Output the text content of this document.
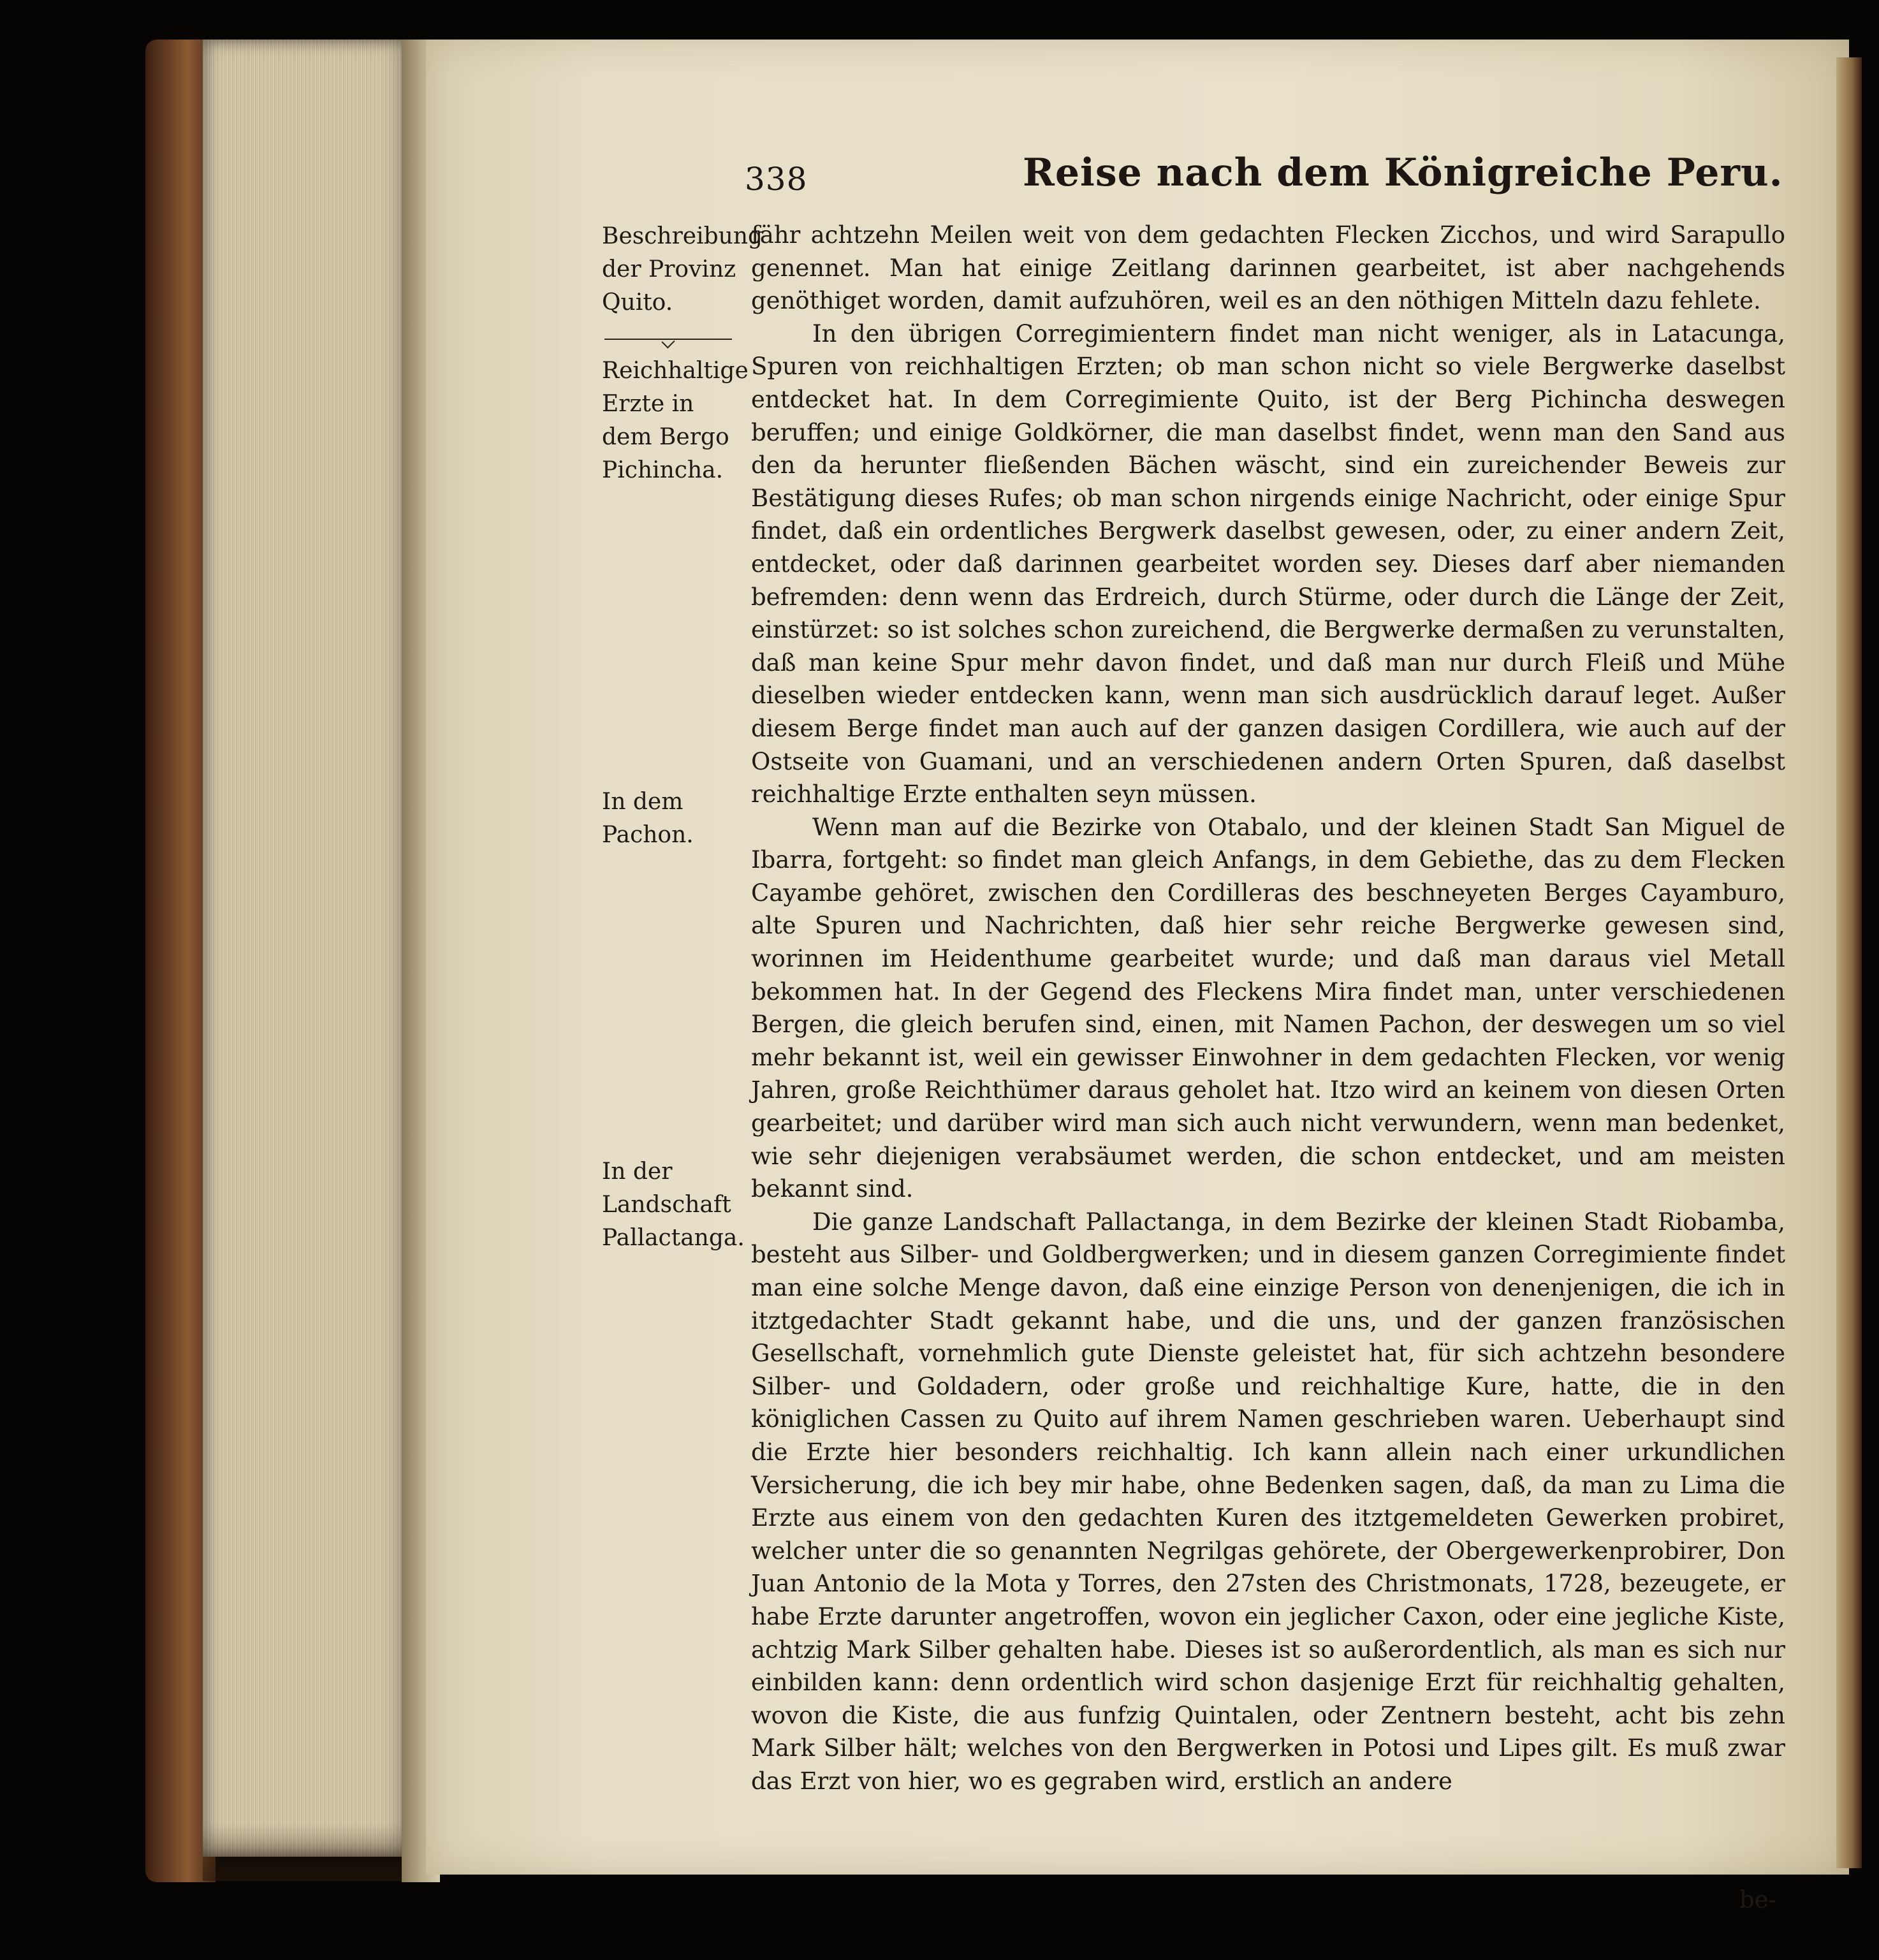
338	Reise nach dem Königreiche Peru.
Beschreibung der Provinz Quito.
Reichhaltige Erzte in dem Bergo Pichincha.
In dem Pachon.
In der Landschaft Pallactanga.

fähr achtzehn Meilen weit von dem gedachten Flecken Zicchos, und wird Sarapullo genennet. Man hat einige Zeitlang darinnen gearbeitet, ist aber nachgehends genöthiget worden, damit aufzuhören, weil es an den nöthigen Mitteln dazu fehlete.

In den übrigen Corregimientern findet man nicht weniger, als in Latacunga, Spuren von reichhaltigen Erzten; ob man schon nicht so viele Bergwerke daselbst entdecket hat. In dem Corregimiente Quito, ist der Berg Pichincha deswegen beruffen; und einige Goldkörner, die man daselbst findet, wenn man den Sand aus den da herunter fließenden Bächen wäscht, sind ein zureichender Beweis zur Bestätigung dieses Rufes; ob man schon nirgends einige Nachricht, oder einige Spur findet, daß ein ordentliches Bergwerk daselbst gewesen, oder, zu einer andern Zeit, entdecket, oder daß darinnen gearbeitet worden sey. Dieses darf aber niemanden befremden: denn wenn das Erdreich, durch Stürme, oder durch die Länge der Zeit, einstürzet: so ist solches schon zureichend, die Bergwerke dermaßen zu verunstalten, daß man keine Spur mehr davon findet, und daß man nur durch Fleiß und Mühe dieselben wieder entdecken kann, wenn man sich ausdrücklich darauf leget. Außer diesem Berge findet man auch auf der ganzen dasigen Cordillera, wie auch auf der Ostseite von Guamani, und an verschiedenen andern Orten Spuren, daß daselbst reichhaltige Erzte enthalten seyn müssen.

Wenn man auf die Bezirke von Otabalo, und der kleinen Stadt San Miguel de Ibarra, fortgeht: so findet man gleich Anfangs, in dem Gebiethe, das zu dem Flecken Cayambe gehöret, zwischen den Cordilleras des beschneyeten Berges Cayamburo, alte Spuren und Nachrichten, daß hier sehr reiche Bergwerke gewesen sind, worinnen im Heidenthume gearbeitet wurde; und daß man daraus viel Metall bekommen hat. In der Gegend des Fleckens Mira findet man, unter verschiedenen Bergen, die gleich berufen sind, einen, mit Namen Pachon, der deswegen um so viel mehr bekannt ist, weil ein gewisser Einwohner in dem gedachten Flecken, vor wenig Jahren, große Reichthümer daraus geholet hat. Itzo wird an keinem von diesen Orten gearbeitet; und darüber wird man sich auch nicht verwundern, wenn man bedenket, wie sehr diejenigen verabsäumet werden, die schon entdecket, und am meisten bekannt sind.

Die ganze Landschaft Pallactanga, in dem Bezirke der kleinen Stadt Riobamba, besteht aus Silber- und Goldbergwerken; und in diesem ganzen Corregimiente findet man eine solche Menge davon, daß eine einzige Person von denenjenigen, die ich in itztgedachter Stadt gekannt habe, und die uns, und der ganzen französischen Gesellschaft, vornehmlich gute Dienste geleistet hat, für sich achtzehn besondere Silber- und Goldadern, oder große und reichhaltige Kure, hatte, die in den königlichen Cassen zu Quito auf ihrem Namen geschrieben waren. Ueberhaupt sind die Erzte hier besonders reichhaltig. Ich kann allein nach einer urkundlichen Versicherung, die ich bey mir habe, ohne Bedenken sagen, daß, da man zu Lima die Erzte aus einem von den gedachten Kuren des itztgemeldeten Gewerken probiret, welcher unter die so genannten Negrilgas gehörete, der Obergewerkenprobirer, Don Juan Antonio de la Mota y Torres, den 27sten des Christmonats, 1728, bezeugete, er habe Erzte darunter angetroffen, wovon ein jeglicher Caxon, oder eine jegliche Kiste, achtzig Mark Silber gehalten habe. Dieses ist so außerordentlich, als man es sich nur einbilden kann: denn ordentlich wird schon dasjenige Erzt für reichhaltig gehalten, wovon die Kiste, die aus funfzig Quintalen, oder Zentnern besteht, acht bis zehn Mark Silber hält; welches von den Bergwerken in Potosi und Lipes gilt. Es muß zwar das Erzt von hier, wo es gegraben wird, erstlich an andere

be-
